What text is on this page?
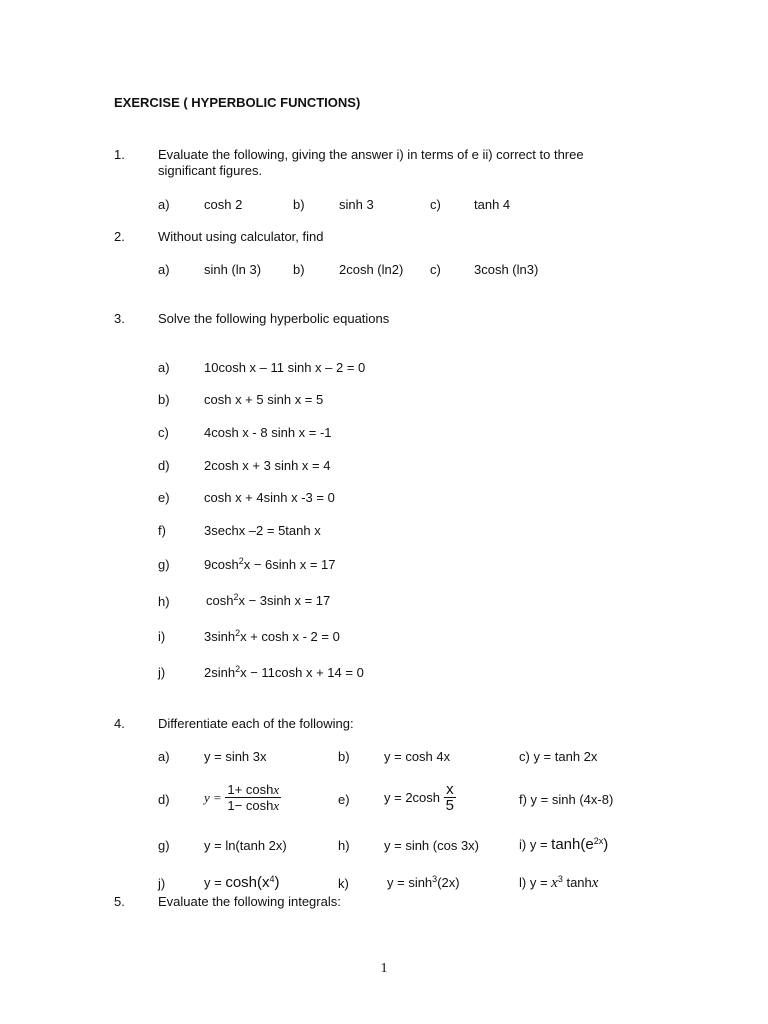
EXERCISE ( HYPERBOLIC FUNCTIONS)
1.	Evaluate the following, giving the answer i) in terms of e ii) correct to three
significant figures.
a)	cosh 2	b)	sinh 3	c)	tanh 4
2.	Without using calculator, find
a)	sinh (ln 3) b)	2cosh (ln2) c)	3cosh (ln3)
3.	Solve the following hyperbolic equations
a)	10cosh x – 11 sinh x – 2 = 0
b)	cosh x + 5 sinh x = 5
c)	4cosh x - 8 sinh x = -1
d)	2cosh x + 3 sinh x = 4
e)	cosh x + 4sinh x -3 = 0
f)	3sechx –2 = 5tanh x
g)	$9\cosh^2x - 6\sinh$ x = 17
h)	$\cosh^2x - 3\sinh$ x = 17
i)	$3\sinh^2x + \cosh x - 2 = 0$
j)	$2\sinh^2x - 11\cosh$ x + 14 = 0
4.	Differentiate each of the following:
a)	y = sinh 3x	b)	y = cosh 4x	c) y = tanh 2x
d)	$y = \frac{1+ \cosh x}{1- \cosh x}$	e)	$y = 2\cosh \frac{x}{5}$	f) y = sinh (4x-8)
g)	y = ln(tanh 2x)	h)	y = sinh (cos 3x)	i) $y = \tanh(e^{2x})$
j)	$y = \cosh(x^4)$	k)	$y = \sinh^3(2x)$	l) $y = x^3$ tanhx
5.	Evaluate the following integrals:
1
